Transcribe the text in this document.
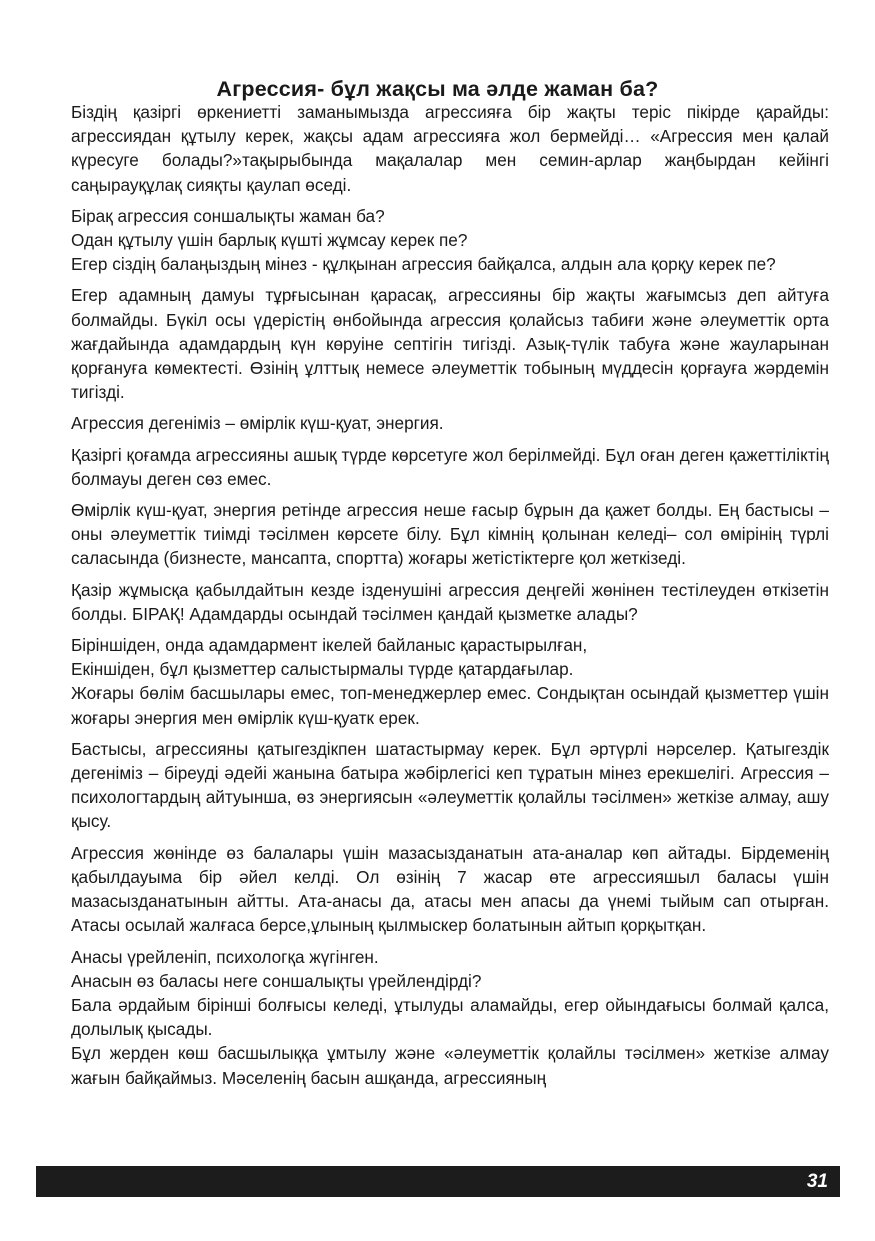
Агрессия- бұл жақсы ма әлде жаман ба?

Біздің қазіргі өркениетті заманымызда агрессияға бір жақты теріс пікірде қарайды: агрессиядан құтылу керек, жақсы адам агрессияға жол бермейді… «Агрессия мен қалай күресуге болады?»тақырыбында мақалалар мен семин-арлар жаңбырдан кейінгі саңырауқұлақ сияқты қаулап өседі.

Бірақ агрессия соншалықты жаман ба?
Одан құтылу үшін барлық күшті жұмсау керек пе?
Егер сіздің балаңыздың мінез - құлқынан агрессия байқалса, алдын ала қорқу керек пе?

Егер адамның дамуы тұрғысынан қарасақ, агрессияны бір жақты жағымсыз деп айтуға болмайды. Бүкіл осы үдерістің өнбойында агрессия қолайсыз табиғи және әлеуметтік орта жағдайында адамдардың күн көруіне септігін тигізді. Азық-түлік табуға және жауларынан қорғануға көмектесті. Өзінің ұлттық немесе әлеуметтік тобының мүддесін қорғауға жәрдемін тигізді.

Агрессия дегеніміз – өмірлік күш-қуат, энергия.

Қазіргі қоғамда агрессияны ашық түрде көрсетуге жол берілмейді. Бұл оған деген қажеттіліктің болмауы деген сөз емес.

Өмірлік күш-қуат, энергия ретінде агрессия неше ғасыр бұрын да қажет болды. Ең бастысы – оны әлеуметтік тиімді тәсілмен көрсете білу. Бұл кімнің қолынан келеді– сол өмірінің түрлі саласында (бизнесте, мансапта, спортта) жоғары жетістіктерге қол жеткізеді.

Қазір жұмысқа қабылдайтын кезде ізденушіні агрессия деңгейі жөнінен тестілеуден өткізетін болды. БІРАҚ! Адамдарды осындай тәсілмен қандай қызметке алады?

Біріншіден, онда адамдармент ікелей байланыс қарастырылған,
Екіншіден, бұл қызметтер салыстырмалы түрде қатардағылар.
Жоғары бөлім басшылары емес, топ-менеджерлер емес. Сондықтан осындай қызметтер үшін жоғары энергия мен өмірлік күш-қуатк ерек.

Бастысы, агрессияны қатыгездікпен шатастырмау керек. Бұл әртүрлі нәрселер. Қатыгездік дегеніміз – біреуді әдейі жанына батыра жәбірлегісі кеп тұратын мінез ерекшелігі. Агрессия – психологтардың айтуынша, өз энергиясын «әлеуметтік қолайлы тәсілмен» жеткізе алмау, ашу қысу.

Агрессия жөнінде өз балалары үшін мазасызданатын ата-аналар көп айтады. Бірдеменің қабылдауыма бір әйел келді. Ол өзінің 7 жасар өте агрессияшыл баласы үшін мазасызданатынын айтты. Ата-анасы да, атасы мен апасы да үнемі тыйым сап отырған. Атасы осылай жалғаса берсе,ұлының қылмыскер болатынын айтып қорқытқан.

Анасы үрейленіп, психологқа жүгінген.
Анасын өз баласы неге соншалықты үрейлендірді?
Бала әрдайым бірінші болғысы келеді, ұтылуды аламайды, егер ойындағысы болмай қалса, долылық қысады.
Бұл жерден көш басшылыққа ұмтылу және «әлеуметтік қолайлы тәсілмен» жеткізе алмау жағын байқаймыз. Мәселенің басын ашқанда, агрессияның

31
